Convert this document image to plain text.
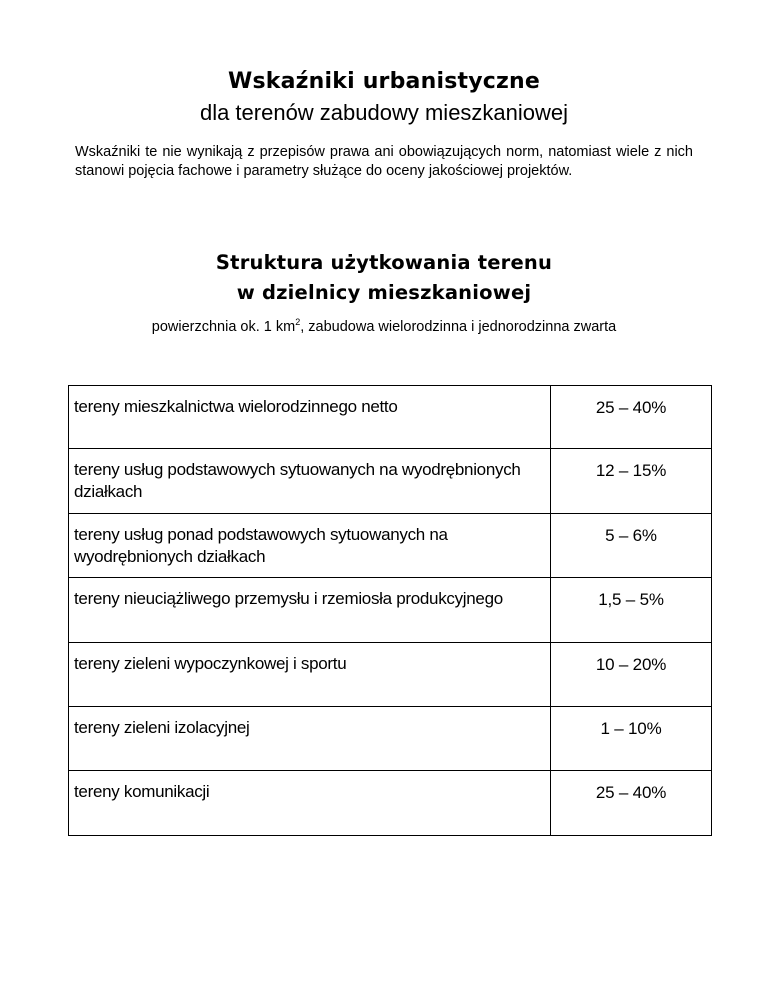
Wskaźniki urbanistyczne
dla terenów zabudowy mieszkaniowej
Wskaźniki te nie wynikają z przepisów prawa ani obowiązujących norm, natomiast wiele z nich stanowi pojęcia fachowe i parametry służące do oceny jakościowej projektów.
Struktura użytkowania terenu
w dzielnicy mieszkaniowej
powierzchnia ok. 1 $km^2$, zabudowa wielorodzinna i jednorodzinna zwarta
tereny mieszkalnictwa wielorodzinnego netto	25 – 40%
tereny usług podstawowych sytuowanych na wyodrębnionych działkach	12 – 15%
tereny usług ponad podstawowych sytuowanych na wyodrębnionych działkach	5 – 6%
tereny nieuciążliwego przemysłu i rzemiosła produkcyjnego	1,5 – 5%
tereny zieleni wypoczynkowej i sportu	10 – 20%
tereny zieleni izolacyjnej	1 – 10%
tereny komunikacji	25 – 40%
